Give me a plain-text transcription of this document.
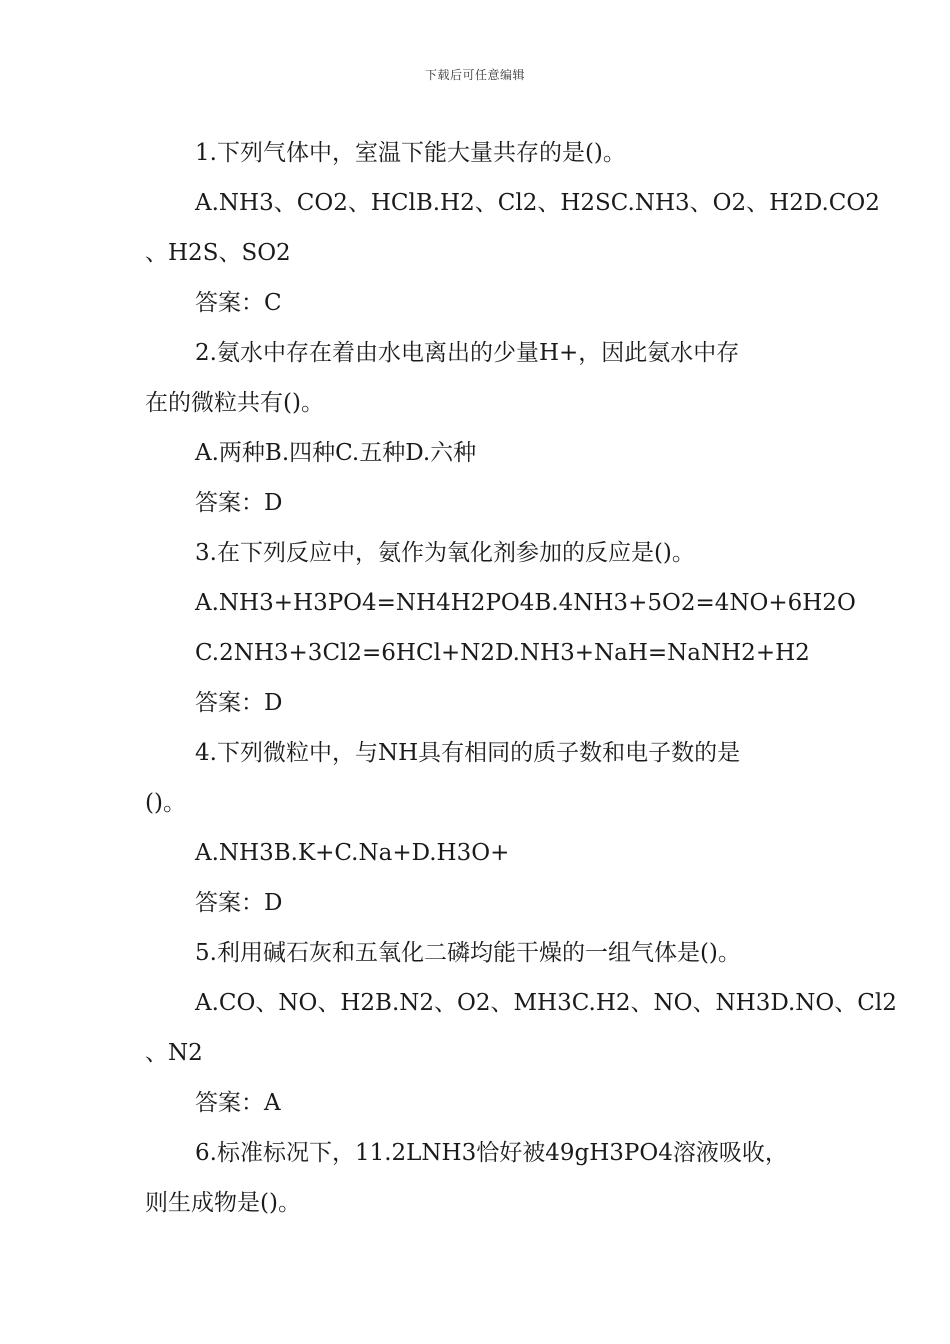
下载后可任意编辑
1.下列气体中，室温下能大量共存的是()。
A.NH3、CO2、HClB.H2、Cl2、H2SC.NH3、O2、H2D.CO2
、H2S、SO2
答案：C
2.氨水中存在着由水电离出的少量H+，因此氨水中存
在的微粒共有()。
A.两种B.四种C.五种D.六种
答案：D
3.在下列反应中，氨作为氧化剂参加的反应是()。
A.NH3+H3PO4=NH4H2PO4B.4NH3+5O2=4NO+6H2O
C.2NH3+3Cl2=6HCl+N2D.NH3+NaH=NaNH2+H2
答案：D
4.下列微粒中，与NH具有相同的质子数和电子数的是
()。
A.NH3B.K+C.Na+D.H3O+
答案：D
5.利用碱石灰和五氧化二磷均能干燥的一组气体是()。
A.CO、NO、H2B.N2、O2、MH3C.H2、NO、NH3D.NO、Cl2
、N2
答案：A
6.标准标况下，11.2LNH3恰好被49gH3PO4溶液吸收，
则生成物是()。
